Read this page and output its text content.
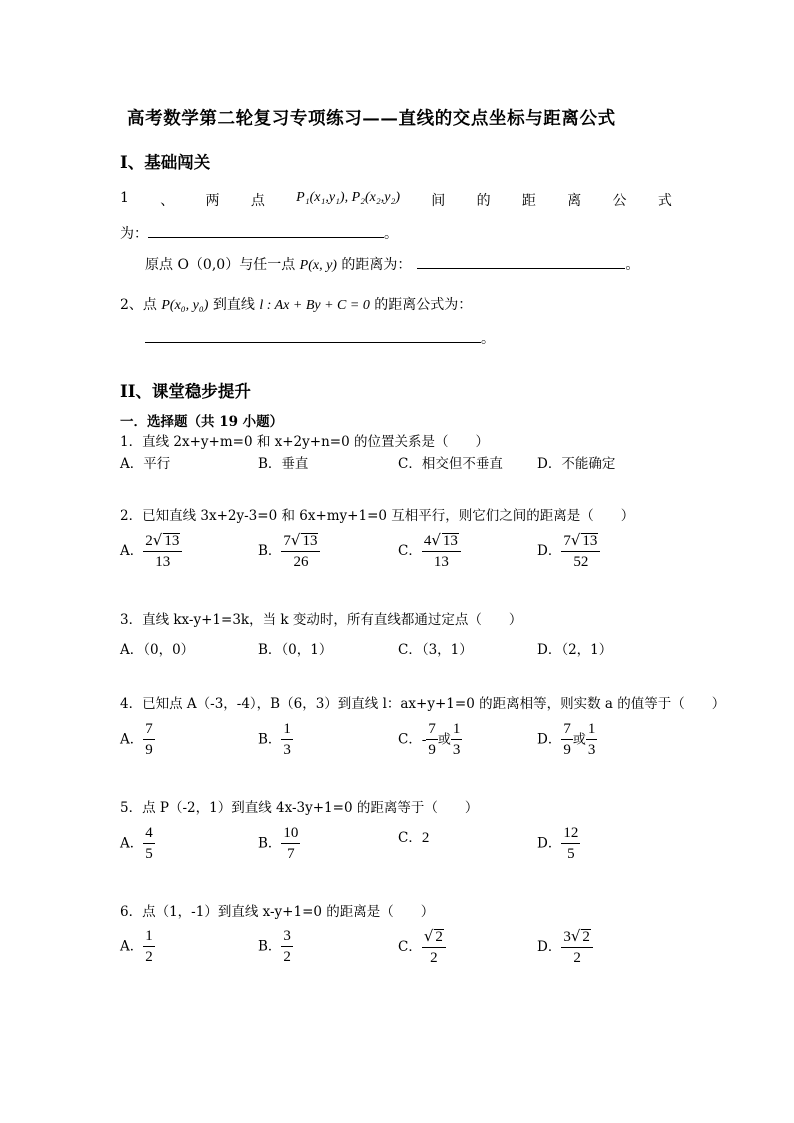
高考数学第二轮复习专项练习——直线的交点坐标与距离公式
I、基础闯关
1 、 两 点 P₁(x₁,y₁), P₂(x₂,y₂) 间 的 距 离 公 式
为：	。
原点 O（0,0）与任一点 P(x, y) 的距离为：	。
2、点 P(x₀, y₀) 到直线 l : Ax + By + C = 0 的距离公式为：
。
II、课堂稳步提升
一．选择题（共 19 小题）
1．直线 2x+y+m=0 和 x+2y+n=0 的位置关系是（　　）
A．平行	B．垂直	C．相交但不垂直	D．不能确定
2．已知直线 3x+2y-3=0 和 6x+my+1=0 互相平行，则它们之间的距离是（　　）
A． $\frac{2√ 13}{13}$	B． $\frac{7√ 13}{26}$	C． $\frac{4√ 13}{13}$	D． $\frac{7√ 13}{52}$
3．直线 kx-y+1=3k，当 k 变动时，所有直线都通过定点（　　）
A．（0，0）	B．（0，1）	C．（3，1）	D．（2，1）
4．已知点 A（-3，-4），B（6，3）到直线 l：ax+y+1=0 的距离相等，则实数 a 的值等于（　　）
A． $\frac{7}{9}$	B． $\frac{1}{3}$	C．- $\frac{7}{9}$ 或 $\frac{1}{3}$	D． $\frac{7}{9}$ 或 $\frac{1}{3}$
5．点 P（-2，1）到直线 4x-3y+1=0 的距离等于（　　）
A． $\frac{4}{5}$	B． $\frac{10}{7}$	C．2	D． $\frac{12}{5}$
6．点（1，-1）到直线 x-y+1=0 的距离是（　　）
A． $\frac{1}{2}$	B． $\frac{3}{2}$	C． $\frac{√ 2}{2}$	D． $\frac{3√ 2}{2}$
